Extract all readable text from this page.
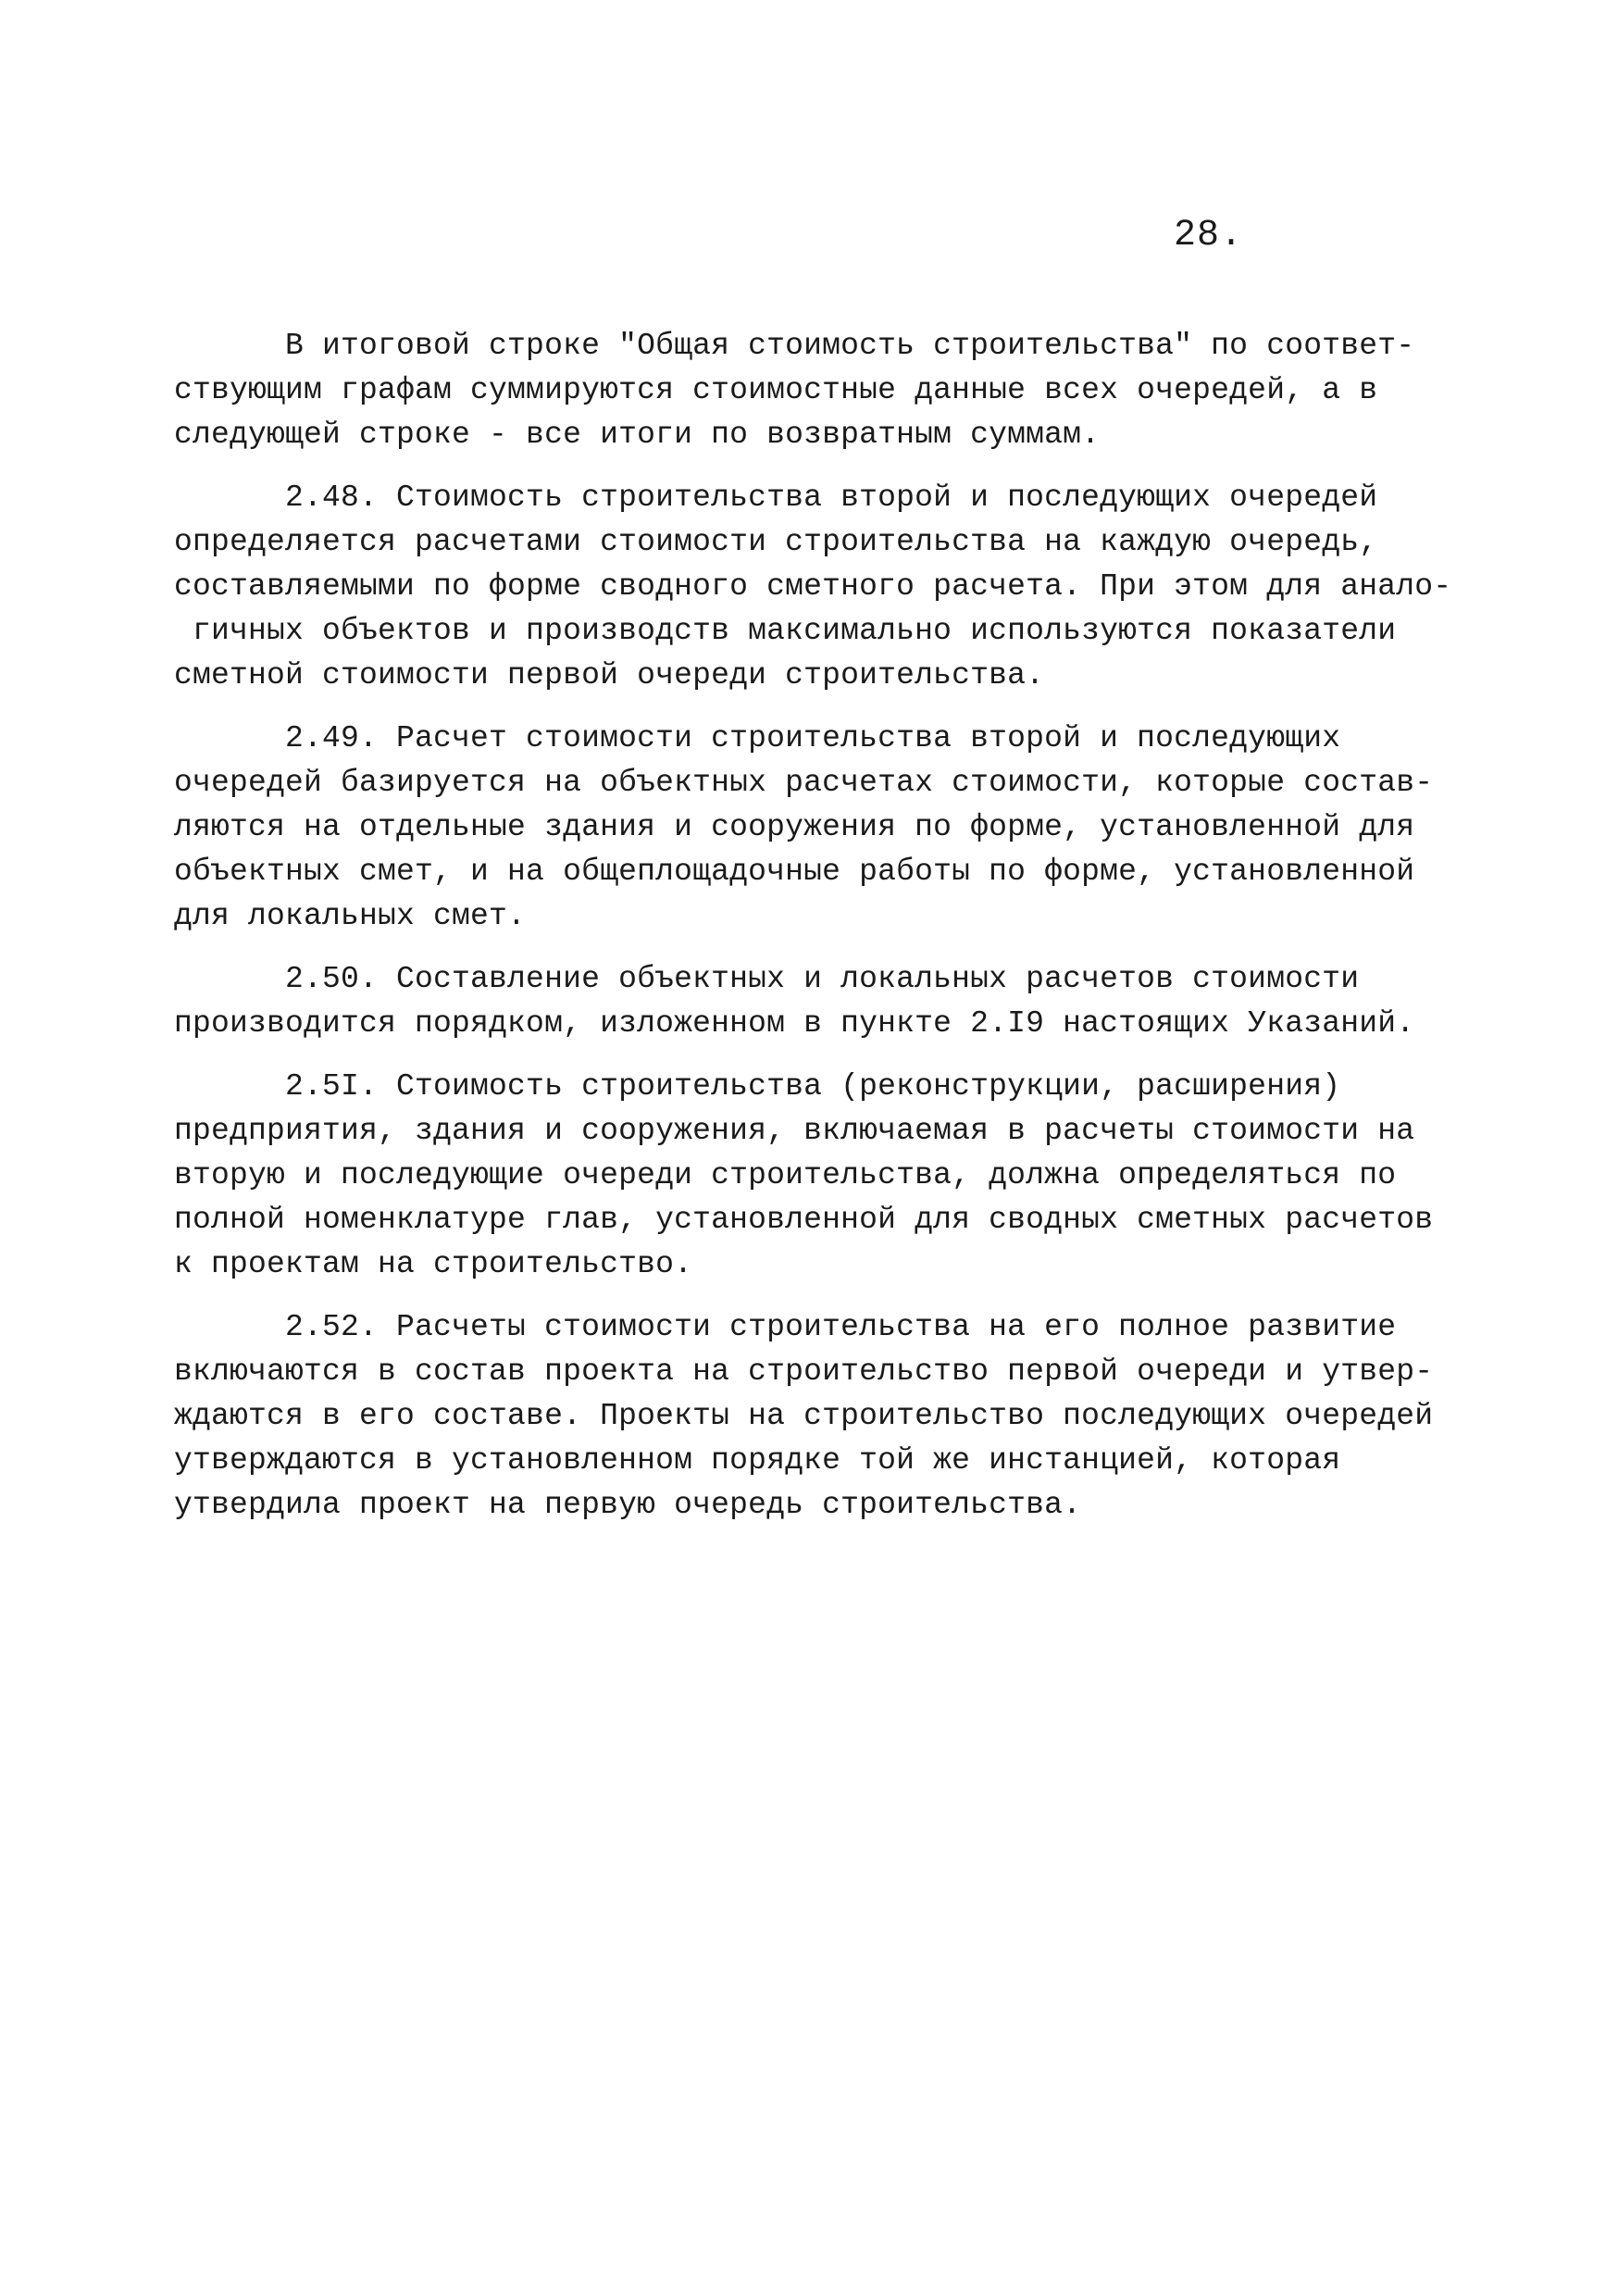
28.
В итоговой строке "Общая стоимость строительства" по соответ-
ствующим графам суммируются стоимостные данные всех очередей, а в
следующей строке - все итоги по возвратным суммам.
2.48. Стоимость строительства второй и последующих очередей
определяется расчетами стоимости строительства на каждую очередь,
составляемыми по форме сводного сметного расчета. При этом для анало-
гичных объектов и производств максимально используются показатели
сметной стоимости первой очереди строительства.
2.49. Расчет стоимости строительства второй и последующих
очередей базируется на объектных расчетах стоимости, которые состав-
ляются на отдельные здания и сооружения по форме, установленной для
объектных смет, и на общеплощадочные работы по форме, установленной
для локальных смет.
2.50. Составление объектных и локальных расчетов стоимости
производится порядком, изложенном в пункте 2.I9 настоящих Указаний.
2.5I. Стоимость строительства (реконструкции, расширения)
предприятия, здания и сооружения, включаемая в расчеты стоимости на
вторую и последующие очереди строительства, должна определяться по
полной номенклатуре глав, установленной для сводных сметных расчетов
к проектам на строительство.
2.52. Расчеты стоимости строительства на его полное развитие
включаются в состав проекта на строительство первой очереди и утвер-
ждаются в его составе. Проекты на строительство последующих очередей
утверждаются в установленном порядке той же инстанцией, которая
утвердила проект на первую очередь строительства.
